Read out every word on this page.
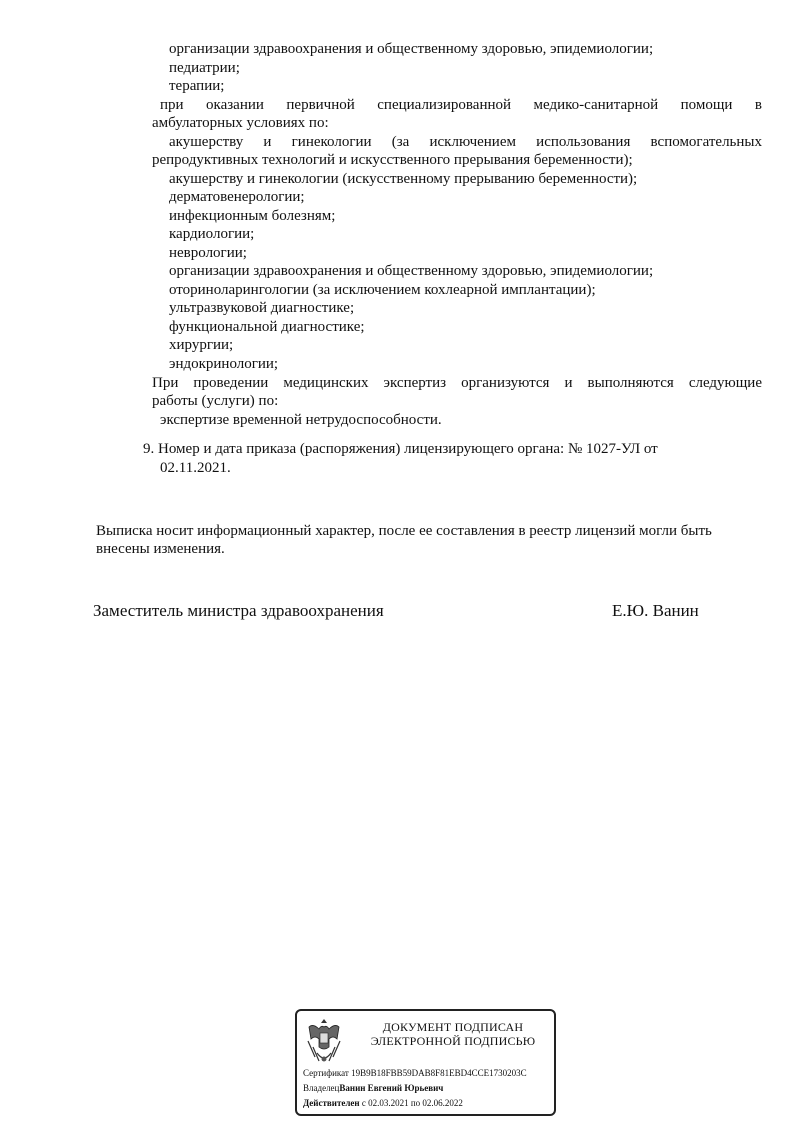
организации здравоохранения и общественному здоровью, эпидемиологии;
педиатрии;
терапии;
при оказании первичной специализированной медико-санитарной помощи в
амбулаторных условиях по:
акушерству и гинекологии (за исключением использования вспомогательных
репродуктивных технологий и искусственного прерывания беременности);
акушерству и гинекологии (искусственному прерыванию беременности);
дерматовенерологии;
инфекционным болезням;
кардиологии;
неврологии;
организации здравоохранения и общественному здоровью, эпидемиологии;
оториноларингологии (за исключением кохлеарной имплантации);
ультразвуковой диагностике;
функциональной диагностике;
хирургии;
эндокринологии;
При проведении медицинских экспертиз организуются и выполняются следующие
работы (услуги) по:
экспертизе временной нетрудоспособности.
9. Номер и дата приказа (распоряжения) лицензирующего органа: № 1027-УЛ от
02.11.2021.
Выписка носит информационный характер, после ее составления в реестр лицензий могли быть
внесены изменения.
Заместитель министра здравоохранения	Е.Ю. Ванин
ДОКУМЕНТ ПОДПИСАН
ЭЛЕКТРОННОЙ ПОДПИСЬЮ
Сертификат 19B9B18FBB59DAB8F81EBD4CCE1730203C
ВладелецВанин Евгений Юрьевич
Действителен с 02.03.2021 по 02.06.2022
